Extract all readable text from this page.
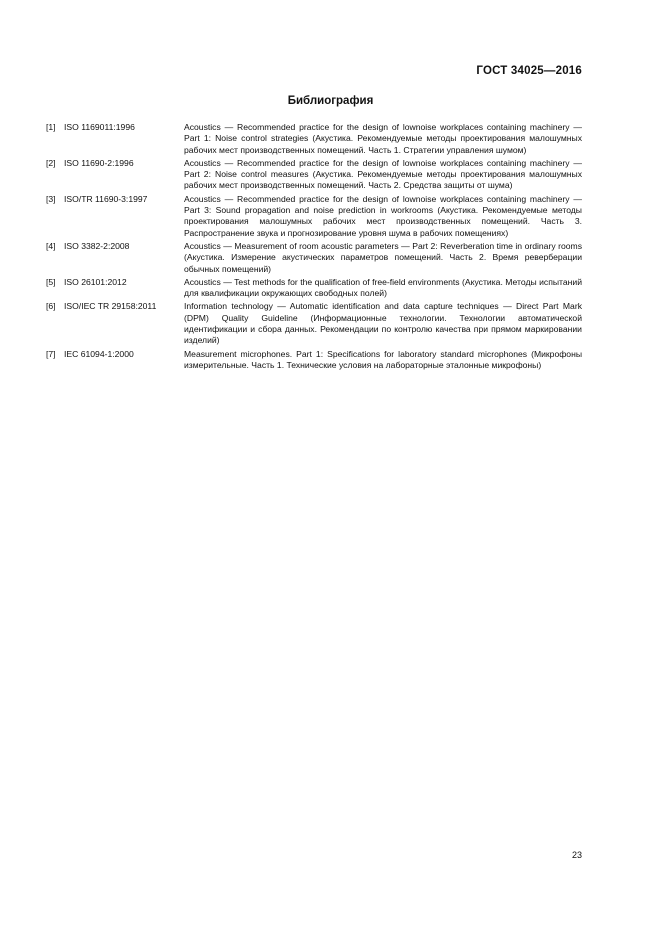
ГОСТ 34025—2016
Библиография
[1] ISO 1169011:1996	Acoustics — Recommended practice for the design of lownoise workplaces containing machinery — Part 1: Noise control strategies (Акустика. Рекомендуемые методы проектирования малошумных рабочих мест производственных помещений. Часть 1. Стратегии управления шумом)
[2] ISO 11690-2:1996	Acoustics — Recommended practice for the design of lownoise workplaces containing machinery — Part 2: Noise control measures (Акустика. Рекомендуемые методы проектирования малошумных рабочих мест производственных помещений. Часть 2. Средства защиты от шума)
[3] ISO/TR 11690-3:1997	Acoustics — Recommended practice for the design of lownoise workplaces containing machinery — Part 3: Sound propagation and noise prediction in workrooms (Акустика. Рекомендуемые методы проектирования малошумных рабочих мест производственных помещений. Часть 3. Распространение звука и прогнозирование уровня шума в рабочих помещениях)
[4] ISO 3382-2:2008	Acoustics — Measurement of room acoustic parameters — Part 2: Reverberation time in ordinary rooms (Акустика. Измерение акустических параметров помещений. Часть 2. Время реверберации обычных помещений)
[5] ISO 26101:2012	Acoustics — Test methods for the qualification of free-field environments (Акустика. Методы испытаний для квалификации окружающих свободных полей)
[6] ISO/IEC TR 29158:2011	Information technology — Automatic identification and data capture techniques — Direct Part Mark (DPM) Quality Guideline (Информационные технологии. Технологии автоматической идентификации и сбора данных. Рекомендации по контролю качества при прямом маркировании изделий)
[7] IEC 61094-1:2000	Measurement microphones. Part 1: Specifications for laboratory standard microphones (Микрофоны измерительные. Часть 1. Технические условия на лабораторные эталонные микрофоны)
23
